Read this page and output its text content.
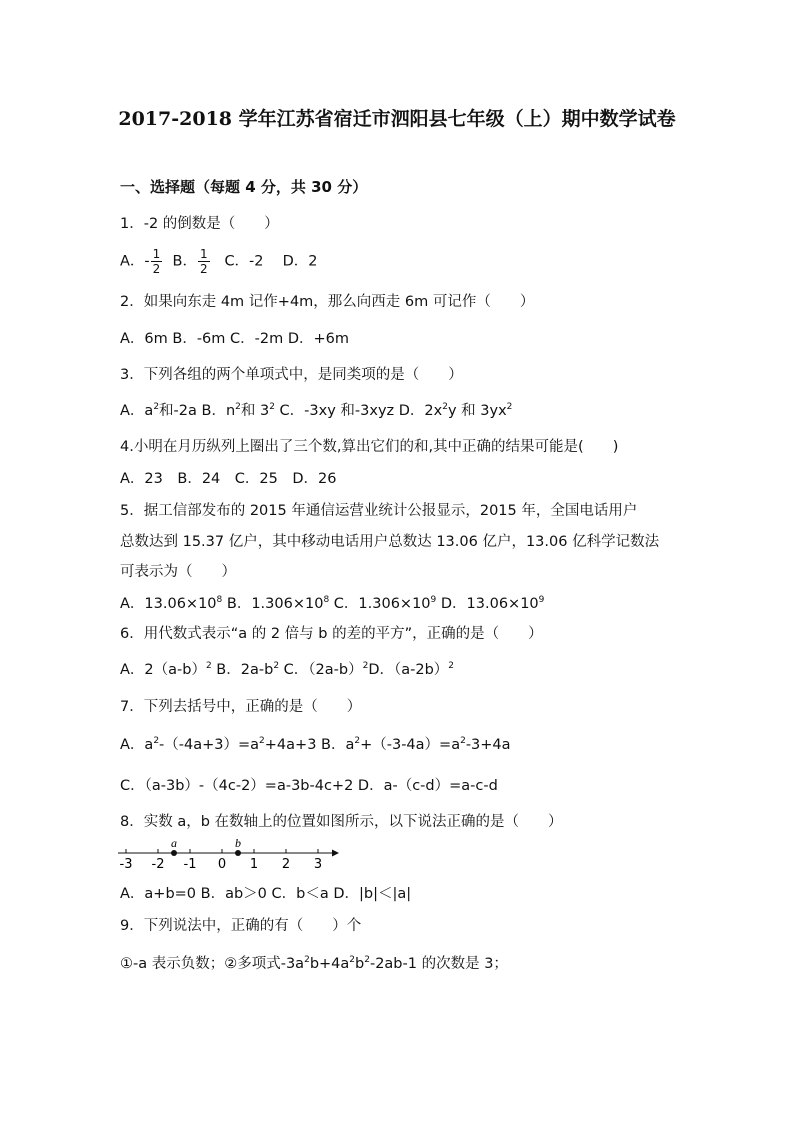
2017-2018 学年江苏省宿迁市泗阳县七年级（上）期中数学试卷
一、选择题（每题 4 分，共 30 分）
1．-2 的倒数是（　　）
A．- $\frac{1}{2}$ B． $\frac{1}{2}$ C．-2　 D．2
2．如果向东走 4m 记作+4m，那么向西走 6m 可记作（　　）
A．6m B．-6m C．-2m D．+6m
3．下列各组的两个单项式中，是同类项的是（　　）
A．$a^2$和-2a B．$n^2$和 $3^2$ C．-3xy 和-3xyz D．$2x^2y$ 和 $3yx^2$
4.小明在月历纵列上圈出了三个数,算出它们的和,其中正确的结果可能是(　　)
A．23　B．24　C．25　D．26
5．据工信部发布的 2015 年通信运营业统计公报显示，2015 年，全国电话用户
总数达到 15.37 亿户，其中移动电话用户总数达 13.06 亿户，13.06 亿科学记数法
可表示为（　　）
A．$13.06\times 10^8$ B．$1.306\times 10^8$ C．$1.306\times 10^9$ D．$13.06\times 10^9$
6．用代数式表示“a 的 2 倍与 b 的差的平方”，正确的是（　　）
A．$2(a-b)^2$ B．$2a-b^2$ C．$(2a-b)^2D$．$(a-2b)^2$
7．下列去括号中，正确的是（　　）
A．$a^2-(-4a+3)=a^2+4a+3$ B．$a^2+(-3-4a)=a^2-3+4a$
C．（a-3b）-（4c-2）=a-3b-4c+2 D．a-（c-d）=a-c-d
8．实数 a，b 在数轴上的位置如图所示，以下说法正确的是（　　）
-3 -2 -1 0 1 2 3
a	b
A．a+b=0 B．ab＞0 C．b＜a D．|b|＜|a|
9．下列说法中，正确的有（　　）个
①-a 表示负数；②多项式$-3a^2b+4a^2b^2-2ab-1$ 的次数是 3；
